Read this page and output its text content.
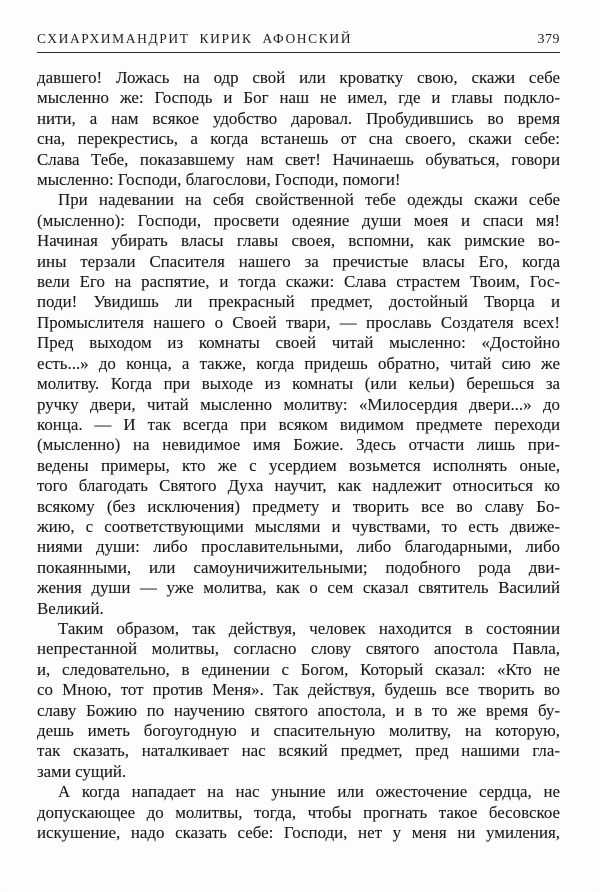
СХИАРХИМАНДРИТ КИРИК АФОНСКИЙ	379
давшего! Ложась на одр свой или кроватку свою, скажи себе
мысленно же: Господь и Бог наш не имел, где и главы подкло-
нити, а нам всякое удобство даровал. Пробудившись во время
сна, перекрестись, а когда встанешь от сна своего, скажи себе:
Слава Тебе, показавшему нам свет! Начинаешь обуваться, говори
мысленно: Господи, благослови, Господи, помоги!
При надевании на себя свойственной тебе одежды скажи себе
(мысленно): Господи, просвети одеяние души моея и спаси мя!
Начиная убирать власы главы своея, вспомни, как римские во-
ины терзали Спасителя нашего за пречистые власы Его, когда
вели Его на распятие, и тогда скажи: Слава страстем Твоим, Гос-
поди! Увидишь ли прекрасный предмет, достойный Творца и
Промыслителя нашего о Своей твари, — прославь Создателя всех!
Пред выходом из комнаты своей читай мысленно: «Достойно
есть...» до конца, а также, когда придешь обратно, читай сию же
молитву. Когда при выходе из комнаты (или кельи) берешься за
ручку двери, читай мысленно молитву: «Милосердия двери...» до
конца. — И так всегда при всяком видимом предмете переходи
(мысленно) на невидимое имя Божие. Здесь отчасти лишь при-
ведены примеры, кто же с усердием возьмется исполнять оные,
того благодать Святого Духа научит, как надлежит относиться ко
всякому (без исключения) предмету и творить все во славу Бо-
жию, с соответствующими мыслями и чувствами, то есть движе-
ниями души: либо прославительными, либо благодарными, либо
покаянными, или самоуничижительными; подобного рода дви-
жения души — уже молитва, как о сем сказал святитель Василий
Великий.
Таким образом, так действуя, человек находится в состоянии
непрестанной молитвы, согласно слову святого апостола Павла,
и, следовательно, в единении с Богом, Который сказал: «Кто не
со Мною, тот против Меня». Так действуя, будешь все творить во
славу Божию по научению святого апостола, и в то же время бу-
дешь иметь богоугодную и спасительную молитву, на которую,
так сказать, наталкивает нас всякий предмет, пред нашими гла-
зами сущий.
А когда нападает на нас уныние или ожесточение сердца, не
допускающее до молитвы, тогда, чтобы прогнать такое бесовское
искушение, надо сказать себе: Господи, нет у меня ни умиления,
